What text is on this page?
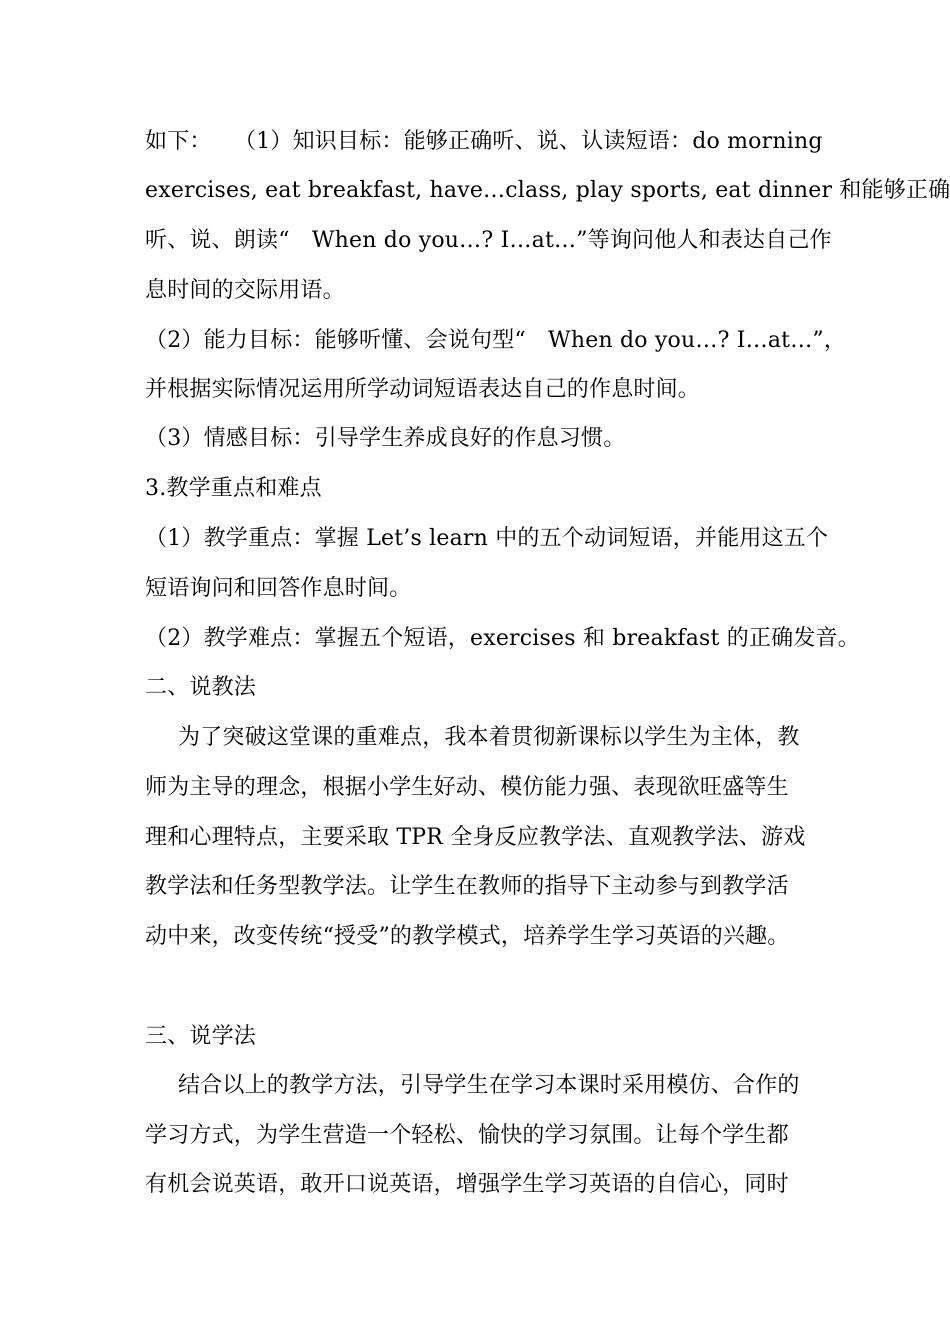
如下：　　（1）知识目标：能够正确听、说、认读短语：do morning
exercises, eat breakfast, have…class, play sports, eat dinner 和能够正确
听、说、朗读“　When do you…? I…at…”等询问他人和表达自己作
息时间的交际用语。
（2）能力目标：能够听懂、会说句型“　When do you…? I…at…”，
并根据实际情况运用所学动词短语表达自己的作息时间。
（3）情感目标：引导学生养成良好的作息习惯。
3.教学重点和难点
（1）教学重点：掌握 Let’s learn 中的五个动词短语，并能用这五个
短语询问和回答作息时间。
（2）教学难点：掌握五个短语，exercises 和 breakfast 的正确发音。
二、说教法
为了突破这堂课的重难点，我本着贯彻新课标以学生为主体，教
师为主导的理念，根据小学生好动、模仿能力强、表现欲旺盛等生
理和心理特点，主要采取 TPR 全身反应教学法、直观教学法、游戏
教学法和任务型教学法。让学生在教师的指导下主动参与到教学活
动中来，改变传统“授受”的教学模式，培养学生学习英语的兴趣。
三、说学法
结合以上的教学方法，引导学生在学习本课时采用模仿、合作的
学习方式，为学生营造一个轻松、愉快的学习氛围。让每个学生都
有机会说英语，敢开口说英语，增强学生学习英语的自信心，同时
